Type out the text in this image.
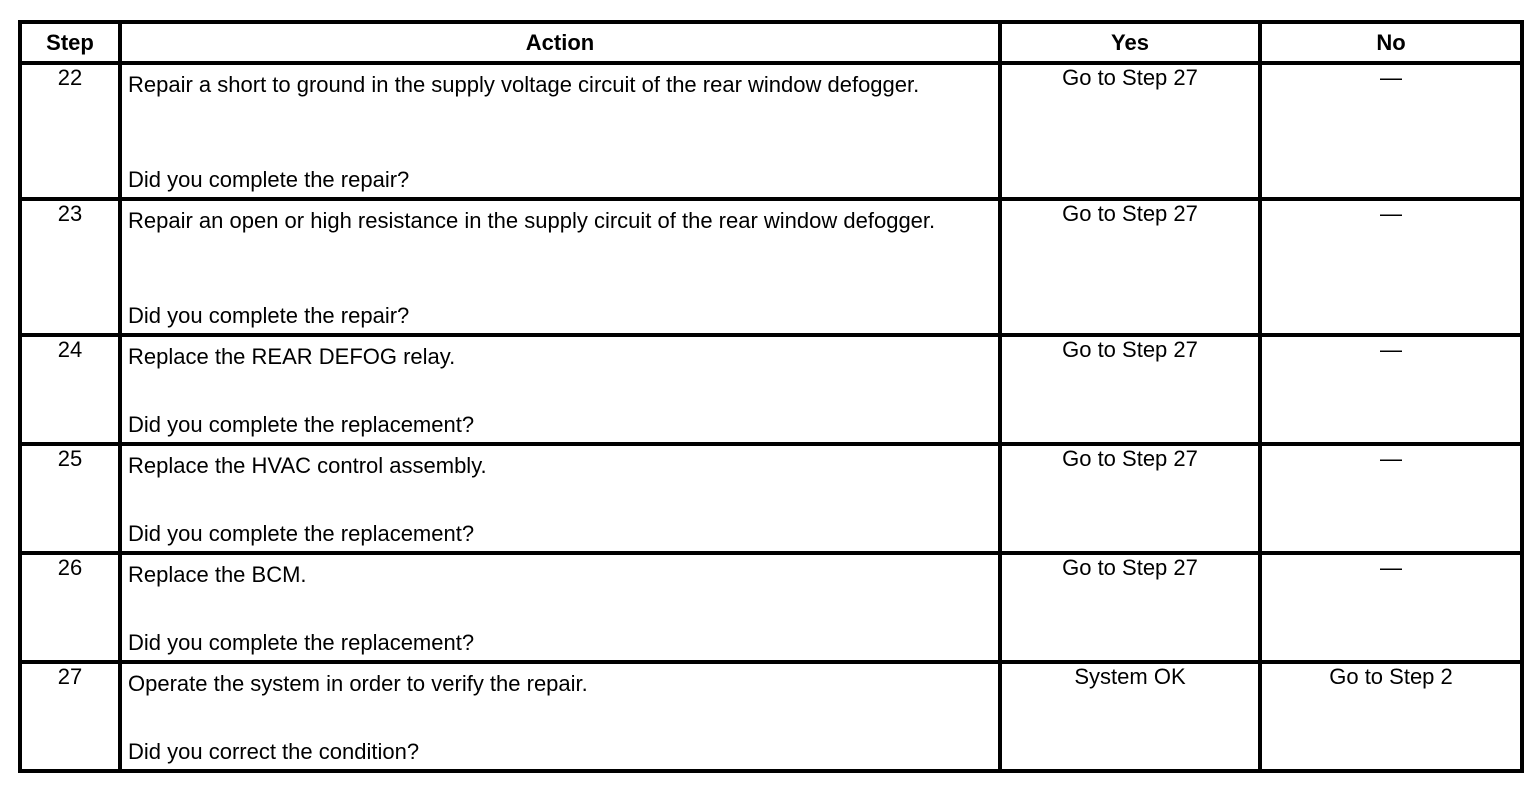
Step	Action	Yes	No
22	Repair a short to ground in the supply voltage circuit of the rear window defogger.
Did you complete the repair?	Go to Step 27	—

23	Repair an open or high resistance in the supply circuit of the rear window defogger.
Did you complete the repair?	Go to Step 27	—

24	Replace the REAR DEFOG relay.
Did you complete the replacement?	Go to Step 27	—

25	Replace the HVAC control assembly.
Did you complete the replacement?	Go to Step 27	—

26	Replace the BCM.
Did you complete the replacement?	Go to Step 27	—

27	Operate the system in order to verify the repair.
Did you correct the condition?	System OK	Go to Step 2
